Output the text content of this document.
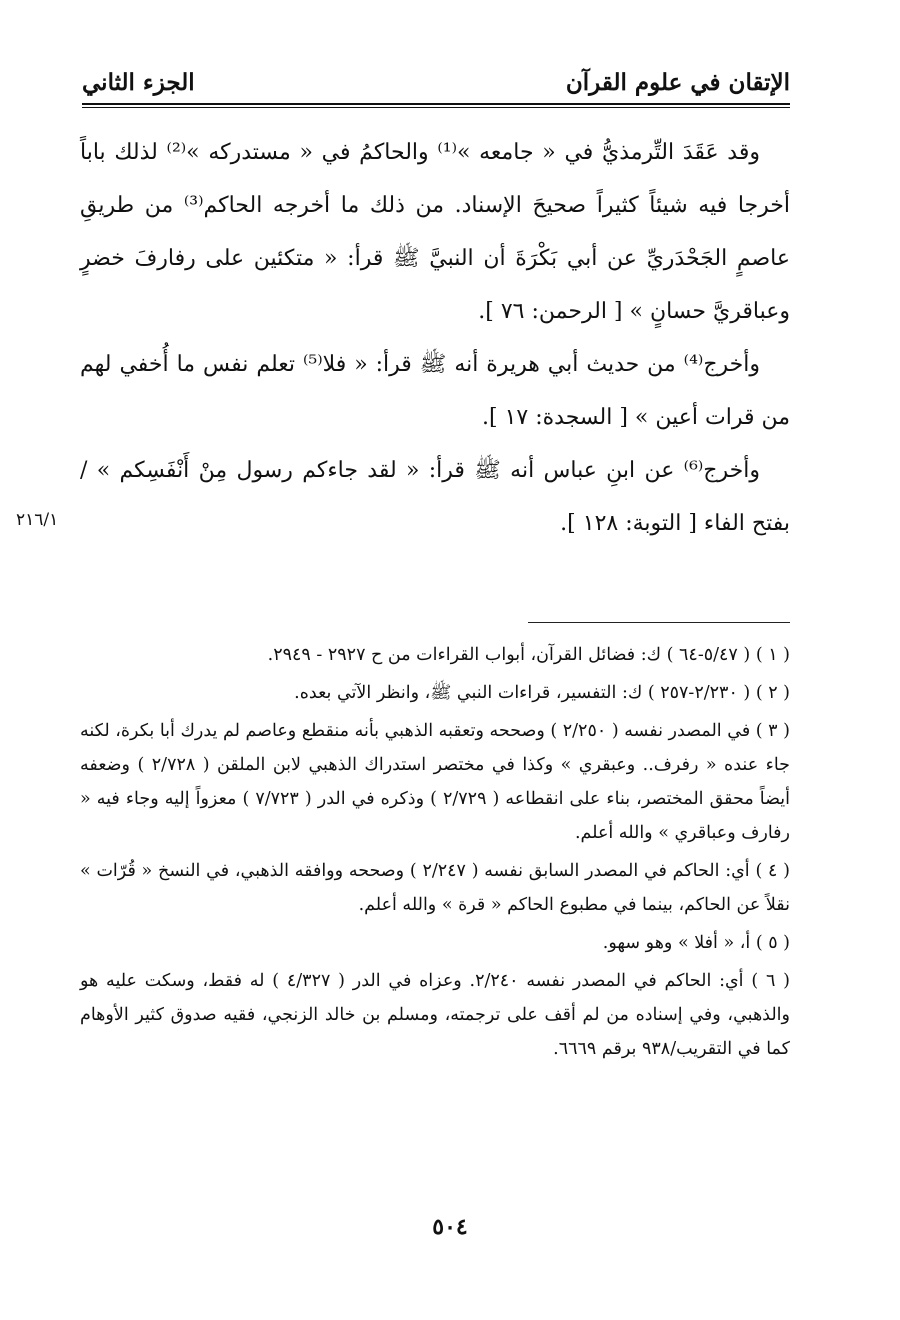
الإتقان في علوم القرآن
الجزء الثاني

وقد عَقَدَ التِّرمذيُّ في « جامعه »⁽¹⁾ والحاكمُ في « مستدركه »⁽²⁾ لذلك باباً أخرجا فيه شيئاً كثيراً صحيحَ الإسناد. من ذلك ما أخرجه الحاكم⁽³⁾ من طريقِ عاصمٍ الجَحْدَريِّ عن أبي بَكْرَةَ أن النبيَّ ﷺ قرأ: « متكئين على رفارفَ خضرٍ وعباقريَّ حسانٍ » [ الرحمن: ٧٦ ].

وأخرج⁽⁴⁾ من حديث أبي هريرة أنه ﷺ قرأ: « فلا⁽⁵⁾ تعلم نفس ما أُخفي لهم من قرات أعين » [ السجدة: ١٧ ].

وأخرج⁽⁶⁾ عن ابنِ عباس أنه ﷺ قرأ: « لقد جاءكم رسول مِنْ أَنْفَسِكم » / بفتح الفاء [ التوبة: ١٢٨ ].

٢١٦/١

( ١ ) ( ٥/٤٧-٦٤ ) ك: فضائل القرآن، أبواب القراءات من ح ٢٩٢٧ - ٢٩٤٩.

( ٢ ) ( ٢/٢٣٠-٢٥٧ ) ك: التفسير، قراءات النبي ﷺ، وانظر الآتي بعده.

( ٣ ) في المصدر نفسه ( ٢/٢٥٠ ) وصححه وتعقبه الذهبي بأنه منقطع وعاصم لم يدرك أبا بكرة، لكنه جاء عنده « رفرف.. وعبقري » وكذا في مختصر استدراك الذهبي لابن الملقن ( ٢/٧٢٨ ) وضعفه أيضاً محقق المختصر، بناء على انقطاعه ( ٢/٧٢٩ ) وذكره في الدر ( ٧/٧٢٣ ) معزواً إليه وجاء فيه « رفارف وعباقري » والله أعلم.

( ٤ ) أي: الحاكم في المصدر السابق نفسه ( ٢/٢٤٧ ) وصححه ووافقه الذهبي، في النسخ « قُرّات » نقلاً عن الحاكم، بينما في مطبوع الحاكم « قرة » والله أعلم.

( ٥ ) أ، « أفلا » وهو سهو.

( ٦ ) أي: الحاكم في المصدر نفسه ٢/٢٤٠. وعزاه في الدر ( ٤/٣٢٧ ) له فقط، وسكت عليه هو والذهبي، وفي إسناده من لم أقف على ترجمته، ومسلم بن خالد الزنجي، فقيه صدوق كثير الأوهام كما في التقريب/٩٣٨ برقم ٦٦٦٩.

٥٠٤
